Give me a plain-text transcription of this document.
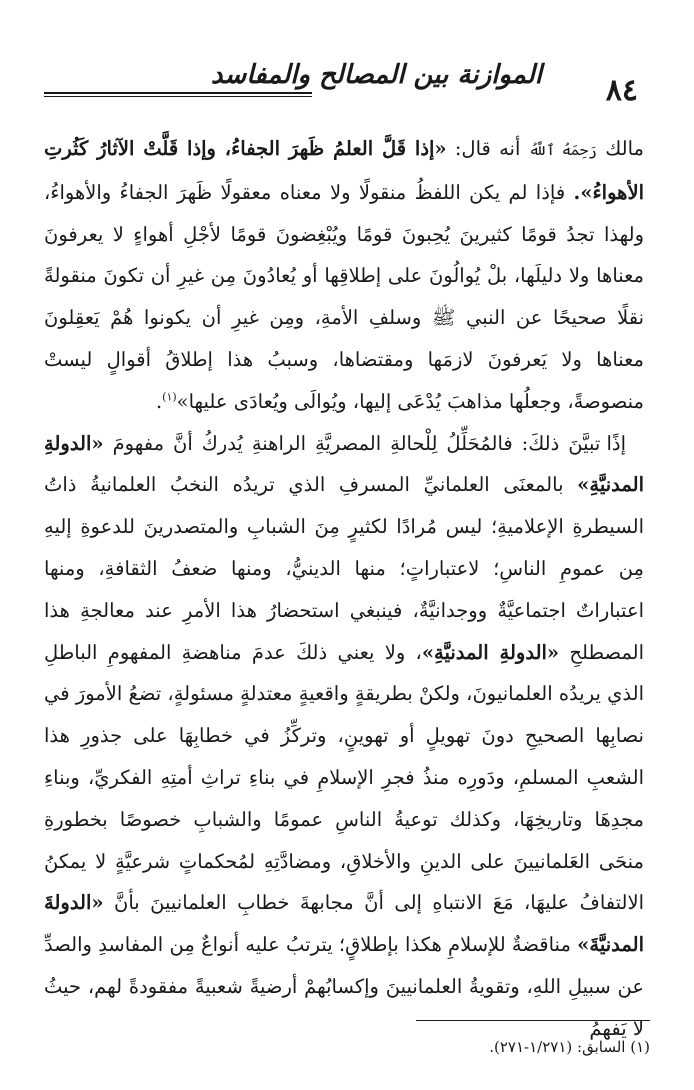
٨٤
الموازنة بين المصالح والمفاسد

مالك رَحِمَهُ ٱللَّهُ أنه قال: «إذا قَلَّ العلمُ ظَهرَ الجفاءُ، وإذا قَلَّتْ الآثارُ كَثُرتِ الأهواءُ». فإذا لم يكن اللفظُ منقولًا ولا معناه معقولًا ظَهرَ الجفاءُ والأهواءُ، ولهذا تجدُ قومًا كثيرينَ يُحِبونَ قومًا ويُبْغِضونَ قومًا لأجْلِ أهواءٍ لا يعرفونَ معناها ولا دليلَها، بلْ يُوالُونَ على إطلاقِها أو يُعادُونَ مِن غيرِ أن تكونَ منقولةً نقلًا صحيحًا عن النبي ﷺ وسلفِ الأمةِ، ومِن غيرِ أن يكونوا هُمْ يَعقِلونَ معناها ولا يَعرفونَ لازمَها ومقتضاها، وسببُ هذا إطلاقُ أقوالٍ ليستْ منصوصةً، وجعلُها مذاهبَ يُدْعَى إليها، ويُوالَى ويُعادَى عليها»$^{(١)}$.

إذًا تبيَّنَ ذلكَ: فالمُحَلِّلُ لِلْحالةِ المصريَّةِ الراهنةِ يُدركُ أنَّ مفهومَ «الدولةِ المدنيَّةِ» بالمعنَى العلمانيِّ المسرفِ الذي تريدُه النخبُ العلمانيةُ ذاتُ السيطرةِ الإعلاميةِ؛ ليس مُرادًا لكثيرٍ مِنَ الشبابِ والمتصدرينَ للدعوةِ إليهِ مِن عمومِ الناسِ؛ لاعتباراتٍ؛ منها الدينيُّ، ومنها ضعفُ الثقافةِ، ومنها اعتباراتٌ اجتماعيَّةٌ ووجدانيَّةٌ، فينبغي استحضارُ هذا الأمرِ عند معالجةِ هذا المصطلحِ «الدولةِ المدنيَّةِ»، ولا يعني ذلكَ عدمَ مناهضةِ المفهومِ الباطلِ الذي يريدُه العلمانيونَ، ولكنْ بطريقةٍ واقعيةٍ معتدلةٍ مسئولةٍ، تضعُ الأمورَ في نصابِها الصحيحِ دونَ تهويلٍ أو تهوينٍ، وتركِّزُ في خطابِهَا على جذورِ هذا الشعبِ المسلمِ، ودَورِه منذُ فجرِ الإسلامِ في بناءِ تراثِ أمتِهِ الفكريِّ، وبناءِ مجدِهَا وتاريخِهَا، وكذلك توعيةُ الناسِ عمومًا والشبابِ خصوصًا بخطورةِ منحَى العَلمانيينَ على الدينِ والأخلاقِ، ومضادَّتِهِ لمُحكماتٍ شرعيَّةٍ لا يمكنُ الالتفافُ عليهَا، مَعَ الانتباهِ إلى أنَّ مجابهةَ خطابِ العلمانيينَ بأنَّ «الدولةَ المدنيَّةَ» مناقضةٌ للإسلامِ هكذا بإطلاقٍ؛ يترتبُ عليه أنواعٌ مِن المفاسدِ والصدِّ عن سبيلِ اللهِ، وتقويةُ العلمانيينَ وإكسابُهمْ أرضيةً شعبيةً مفقودةً لهم، حيثُ لا يَفهمُ

(١) السابق: (١/٢٧١-٢٧١).
